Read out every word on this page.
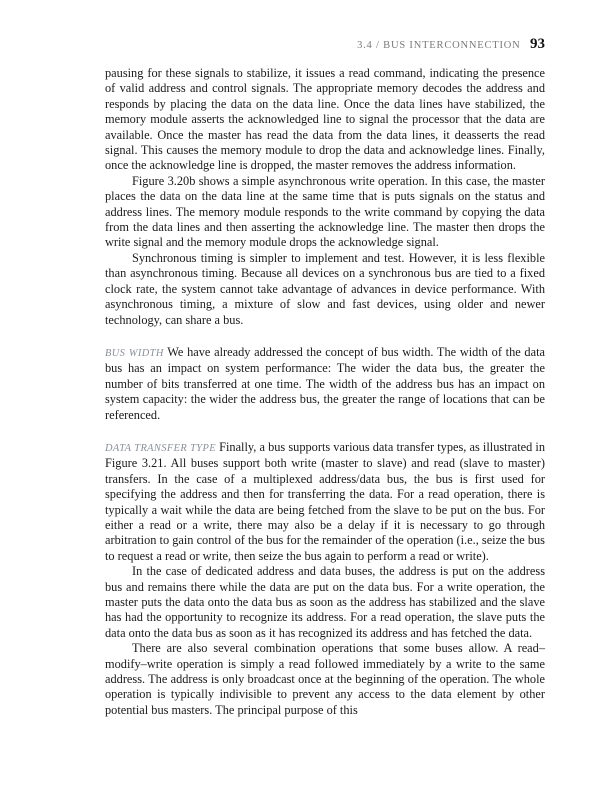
3.4 / BUS INTERCONNECTION 93

pausing for these signals to stabilize, it issues a read command, indicating the presence of valid address and control signals. The appropriate memory decodes the address and responds by placing the data on the data line. Once the data lines have stabilized, the memory module asserts the acknowledged line to signal the processor that the data are available. Once the master has read the data from the data lines, it deasserts the read signal. This causes the memory module to drop the data and acknowledge lines. Finally, once the acknowledge line is dropped, the master removes the address information.

Figure 3.20b shows a simple asynchronous write operation. In this case, the master places the data on the data line at the same time that is puts signals on the status and address lines. The memory module responds to the write command by copying the data from the data lines and then asserting the acknowledge line. The master then drops the write signal and the memory module drops the acknowledge signal.

Synchronous timing is simpler to implement and test. However, it is less flexible than asynchronous timing. Because all devices on a synchronous bus are tied to a fixed clock rate, the system cannot take advantage of advances in device performance. With asynchronous timing, a mixture of slow and fast devices, using older and newer technology, can share a bus.

BUS WIDTH We have already addressed the concept of bus width. The width of the data bus has an impact on system performance: The wider the data bus, the greater the number of bits transferred at one time. The width of the address bus has an impact on system capacity: the wider the address bus, the greater the range of locations that can be referenced.

DATA TRANSFER TYPE Finally, a bus supports various data transfer types, as illustrated in Figure 3.21. All buses support both write (master to slave) and read (slave to master) transfers. In the case of a multiplexed address/data bus, the bus is first used for specifying the address and then for transferring the data. For a read operation, there is typically a wait while the data are being fetched from the slave to be put on the bus. For either a read or a write, there may also be a delay if it is necessary to go through arbitration to gain control of the bus for the remainder of the operation (i.e., seize the bus to request a read or write, then seize the bus again to perform a read or write).

In the case of dedicated address and data buses, the address is put on the address bus and remains there while the data are put on the data bus. For a write operation, the master puts the data onto the data bus as soon as the address has stabilized and the slave has had the opportunity to recognize its address. For a read operation, the slave puts the data onto the data bus as soon as it has recognized its address and has fetched the data.

There are also several combination operations that some buses allow. A read–modify–write operation is simply a read followed immediately by a write to the same address. The address is only broadcast once at the beginning of the operation. The whole operation is typically indivisible to prevent any access to the data element by other potential bus masters. The principal purpose of this
